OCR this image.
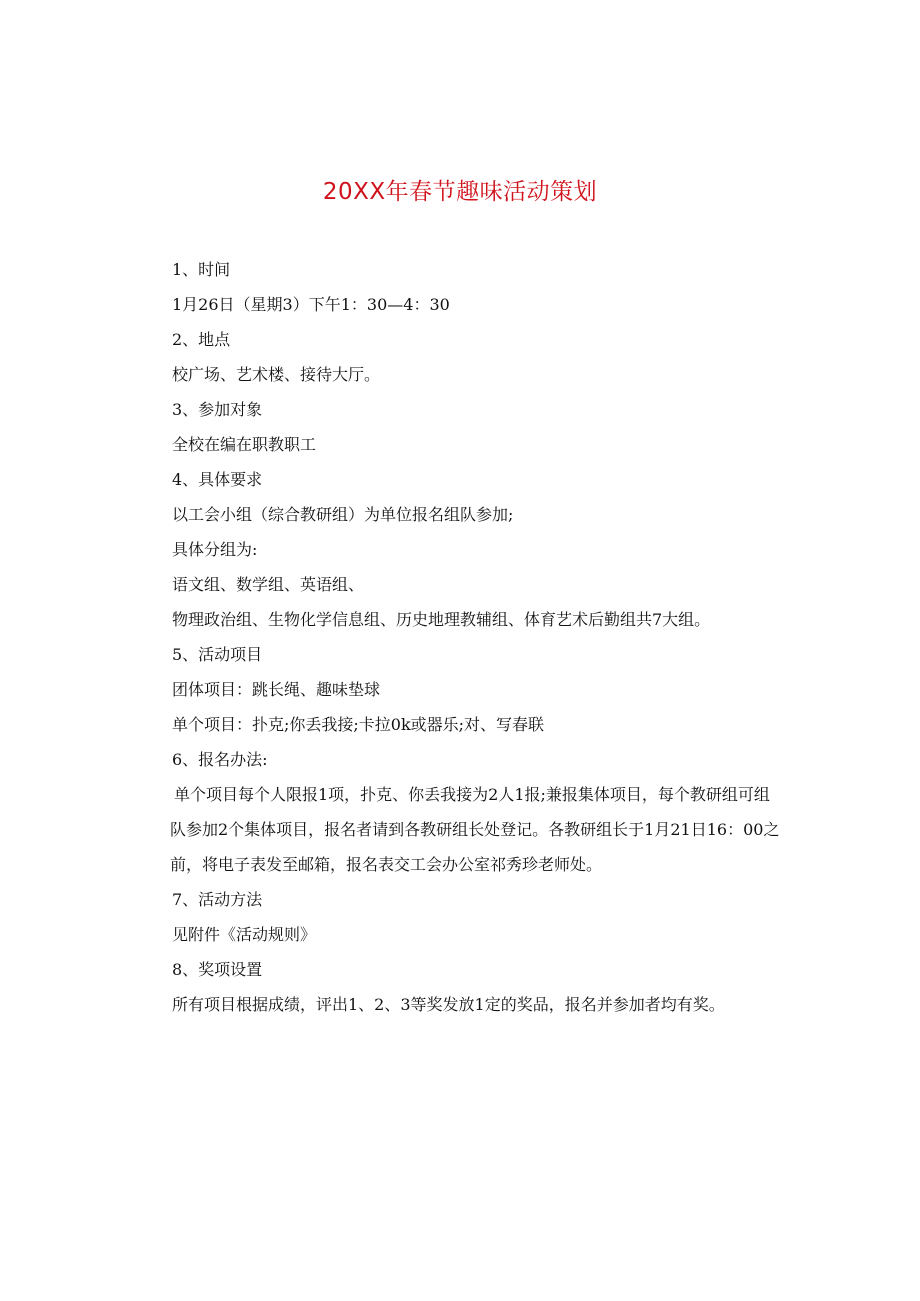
20XX年春节趣味活动策划
1、时间
1月26日（星期3）下午1：30—4：30
2、地点
校广场、艺术楼、接待大厅。
3、参加对象
全校在编在职教职工
4、具体要求
以工会小组（综合教研组）为单位报名组队参加;
具体分组为:
语文组、数学组、英语组、
物理政治组、生物化学信息组、历史地理教辅组、体育艺术后勤组共7大组。
5、活动项目
团体项目：跳长绳、趣味垫球
单个项目：扑克;你丢我接;卡拉0k或器乐;对、写春联
6、报名办法:
单个项目每个人限报1项，扑克、你丢我接为2人1报;兼报集体项目，每个教研组可组队参加2个集体项目，报名者请到各教研组长处登记。各教研组长于1月21日16：00之前，将电子表发至邮箱，报名表交工会办公室祁秀珍老师处。
7、活动方法
见附件《活动规则》
8、奖项设置
所有项目根据成绩，评出1、2、3等奖发放1定的奖品，报名并参加者均有奖。
